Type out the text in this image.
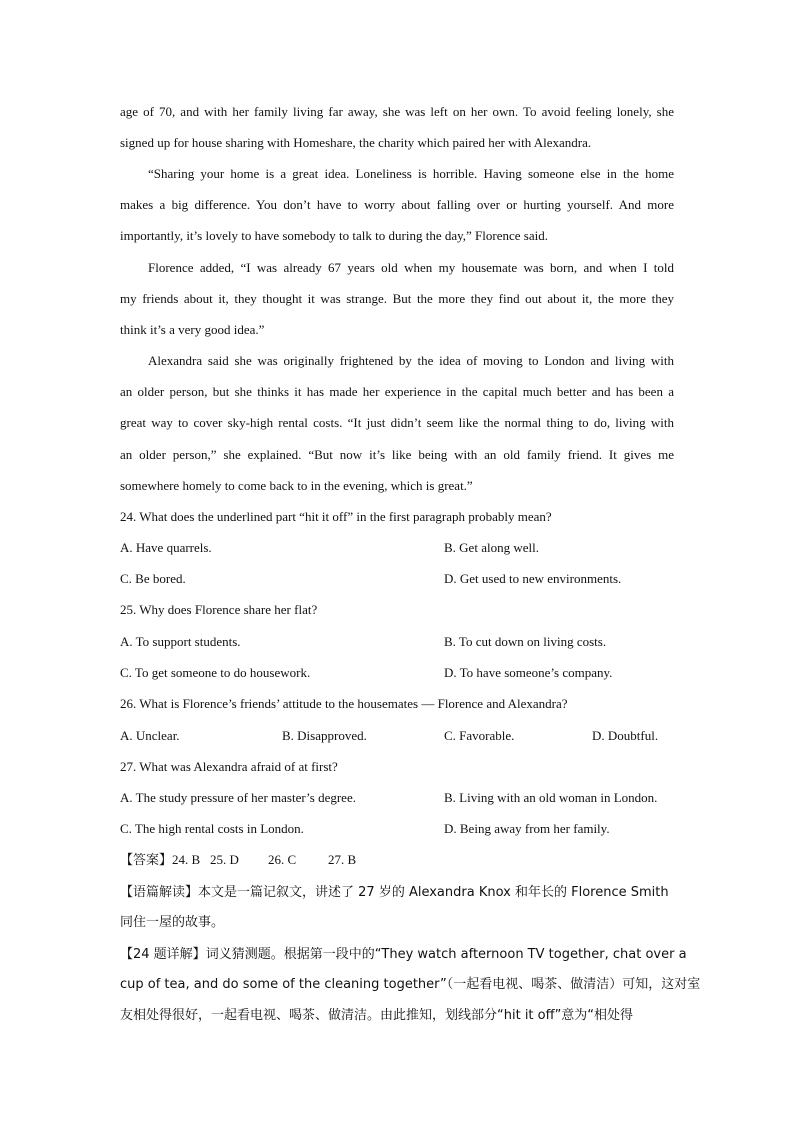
age of 70, and with her family living far away, she was left on her own. To avoid feeling lonely, she
signed up for house sharing with Homeshare, the charity which paired her with Alexandra.
“Sharing your home is a great idea. Loneliness is horrible. Having someone else in the home
makes a big difference. You don’t have to worry about falling over or hurting yourself. And more
importantly, it’s lovely to have somebody to talk to during the day,” Florence said.
Florence added, “I was already 67 years old when my housemate was born, and when I told
my friends about it, they thought it was strange. But the more they find out about it, the more they
think it’s a very good idea.”
Alexandra said she was originally frightened by the idea of moving to London and living with
an older person, but she thinks it has made her experience in the capital much better and has been a
great way to cover sky-high rental costs. “It just didn’t seem like the normal thing to do, living with
an older person,” she explained. “But now it’s like being with an old family friend. It gives me
somewhere homely to come back to in the evening, which is great.”
24. What does the underlined part “hit it off” in the first paragraph probably mean?
A. Have quarrels.	B. Get along well.
C. Be bored.	D. Get used to new environments.
25. Why does Florence share her flat?
A. To support students.	B. To cut down on living costs.
C. To get someone to do housework.	D. To have someone’s company.
26. What is Florence’s friends’ attitude to the housemates — Florence and Alexandra?
A. Unclear.	B. Disapproved.	C. Favorable.	D. Doubtful.
27. What was Alexandra afraid of at first?
A. The study pressure of her master’s degree.	B. Living with an old woman in London.
C. The high rental costs in London.	D. Being away from her family.
【答案】24. B 25. D 26. C 27. B
【语篇解读】本文是一篇记叙文，讲述了 27 岁的 Alexandra Knox 和年长的 Florence Smith
同住一屋的故事。
【24 题详解】词义猜测题。根据第一段中的“They watch afternoon TV together, chat over a
cup of tea, and do some of the cleaning together”（一起看电视、喝茶、做清洁）可知，这对室
友相处得很好，一起看电视、喝茶、做清洁。由此推知，划线部分“hit it off”意为“相处得
